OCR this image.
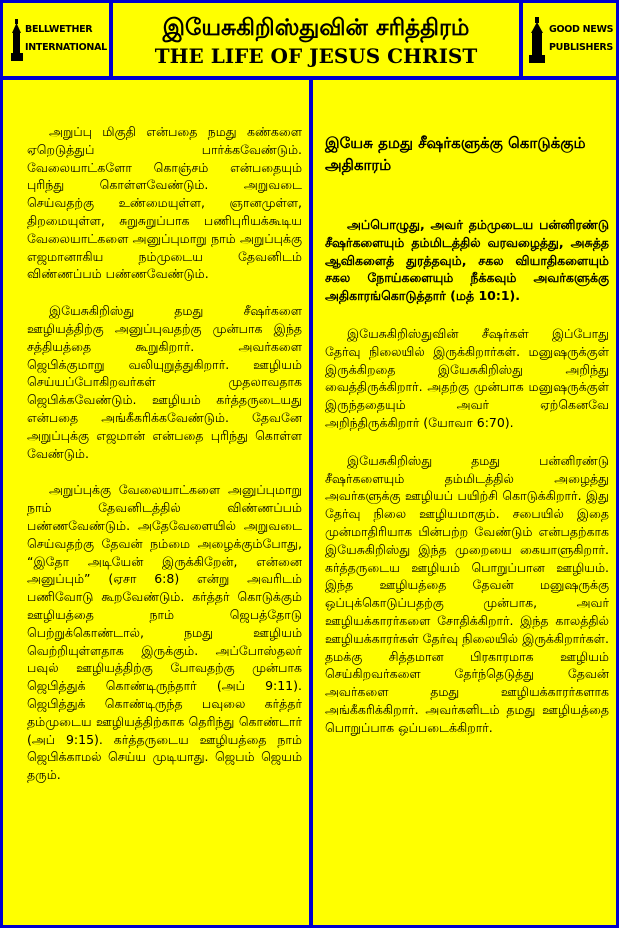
BELLWETHER
INTERNATIONAL
இயேசுகிறிஸ்துவின் சரித்திரம்
THE LIFE OF JESUS CHRIST
GOOD NEWS
PUBLISHERS

அறுப்பு மிகுதி என்பதை நமது கண்களை ஏறெடுத்துப் பார்க்கவேண்டும். வேலையாட்களோ கொஞ்சம் என்பதையும் புரிந்து கொள்ளவேண்டும். அறுவடை செய்வதற்கு உண்மையுள்ள, ஞானமுள்ள, திறமையுள்ள, சுறுசுறுப்பாக பணிபுரியக்கூடிய வேலையாட்களை அனுப்புமாறு நாம் அறுப்புக்கு எஜமானாகிய நம்முடைய தேவனிடம் விண்ணப்பம் பண்ணவேண்டும்.

இயேசுகிறிஸ்து தமது சீஷர்களை ஊழியத்திற்கு அனுப்புவதற்கு முன்பாக இந்த சத்தியத்தை கூறுகிறார். அவர்களை ஜெபிக்குமாறு வலியுறுத்துகிறார். ஊழியம் செய்யப்போகிறவர்கள் முதலாவதாக ஜெபிக்கவேண்டும். ஊழியம் கர்த்தருடையது என்பதை அங்கீகரிக்கவேண்டும். தேவனே அறுப்புக்கு எஜமான் என்பதை புரிந்து கொள்ள வேண்டும்.

அறுப்புக்கு வேலையாட்களை அனுப்புமாறு நாம் தேவனிடத்தில் விண்ணப்பம் பண்ணவேண்டும். அதேவேளையில் அறுவடை செய்வதற்கு தேவன் நம்மை அழைக்கும்போது, “இதோ அடியேன் இருக்கிறேன், என்னை அனுப்பும்” (ஏசா 6:8) என்று அவரிடம் பணிவோடு கூறவேண்டும். கர்த்தர் கொடுக்கும் ஊழியத்தை நாம் ஜெபத்தோடு பெற்றுக்கொண்டால், நமது ஊழியம் வெற்றியுள்ளதாக இருக்கும். அப்போஸ்தலர் பவுல் ஊழியத்திற்கு போவதற்கு முன்பாக ஜெபித்துக் கொண்டிருந்தார் (அப் 9:11). ஜெபித்துக் கொண்டிருந்த பவுலை கர்த்தர் தம்முடைய ஊழியத்திற்காக தெரிந்து கொண்டார் (அப் 9:15). கர்த்தருடைய ஊழியத்தை நாம் ஜெபிக்காமல் செய்ய முடியாது. ஜெபம் ஜெயம் தரும்.

இயேசு தமது சீஷர்களுக்கு கொடுக்கும் அதிகாரம்

அப்பொழுது, அவர் தம்முடைய பன்னிரண்டு சீஷர்களையும் தம்மிடத்தில் வரவழைத்து, அசுத்த ஆவிகளைத் துரத்தவும், சகல வியாதிகளையும் சகல நோய்களையும் நீக்கவும் அவர்களுக்கு அதிகாரங்கொடுத்தார் (மத் 10:1).

இயேசுகிறிஸ்துவின் சீஷர்கள் இப்போது தேர்வு நிலையில் இருக்கிறார்கள். மனுஷருக்குள் இருக்கிறதை இயேசுகிறிஸ்து அறிந்து வைத்திருக்கிறார். அதற்கு முன்பாக மனுஷருக்குள் இருந்ததையும் அவர் ஏற்கெனவே அறிந்திருக்கிறார் (யோவா 6:70).

இயேசுகிறிஸ்து தமது பன்னிரண்டு சீஷர்களையும் தம்மிடத்தில் அழைத்து அவர்களுக்கு ஊழியப் பயிற்சி கொடுக்கிறார். இது தேர்வு நிலை ஊழியமாகும். சபையில் இதை முன்மாதிரியாக பின்பற்ற வேண்டும் என்பதற்காக இயேசுகிறிஸ்து இந்த முறையை கையாளுகிறார். கர்த்தருடைய ஊழியம் பொறுப்பான ஊழியம். இந்த ஊழியத்தை தேவன் மனுஷருக்கு ஒப்புக்கொடுப்பதற்கு முன்பாக, அவர் ஊழியக்காரர்களை சோதிக்கிறார். இந்த காலத்தில் ஊழியக்காரர்கள் தேர்வு நிலையில் இருக்கிறார்கள். தமக்கு சித்தமான பிரகாரமாக ஊழியம் செய்கிறவர்களை தேர்ந்தெடுத்து தேவன் அவர்களை தமது ஊழியக்காரர்களாக அங்கீகரிக்கிறார். அவர்களிடம் தமது ஊழியத்தை பொறுப்பாக ஒப்படைக்கிறார்.
